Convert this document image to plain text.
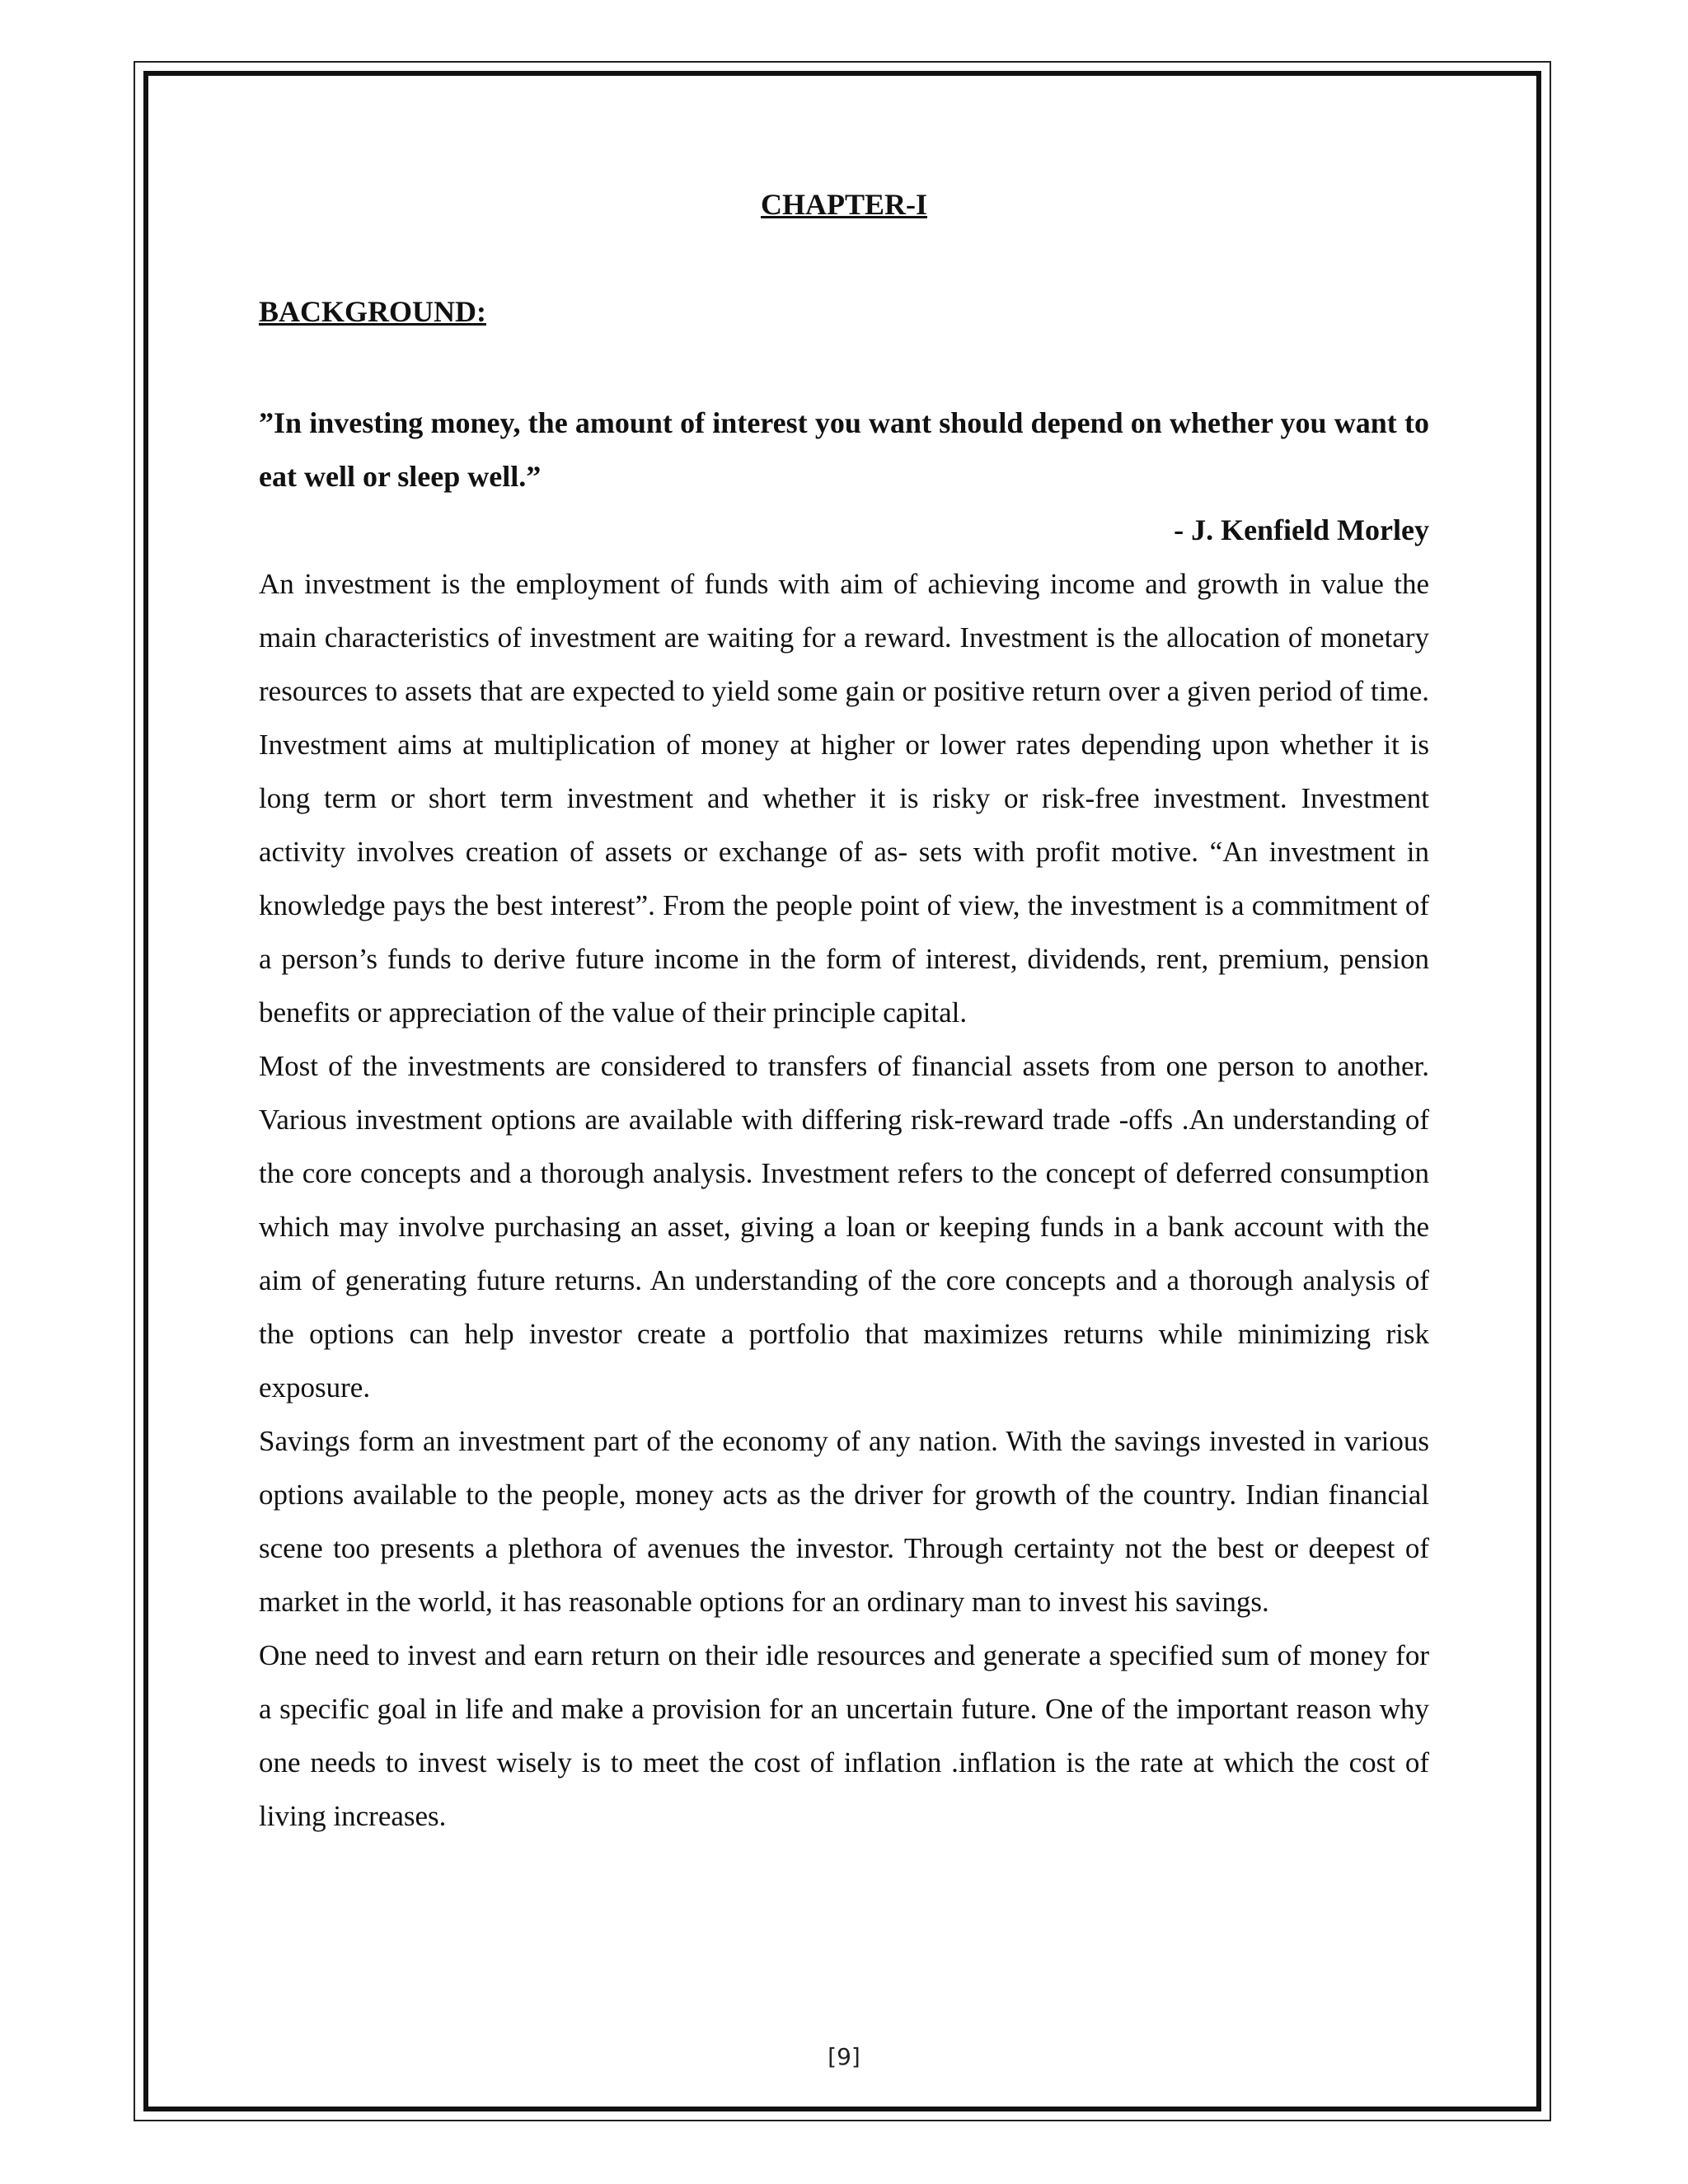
CHAPTER-I
BACKGROUND:

”In investing money, the amount of interest you want should depend on whether you want to eat well or sleep well.”

- J. Kenfield Morley

An investment is the employment of funds with aim of achieving income and growth in value the main characteristics of investment are waiting for a reward. Investment is the allocation of monetary resources to assets that are expected to yield some gain or positive return over a given period of time. Investment aims at multiplication of money at higher or lower rates depending upon whether it is long term or short term investment and whether it is risky or risk-free investment. Investment activity involves creation of assets or exchange of as- sets with profit motive. “An investment in knowledge pays the best interest”. From the people point of view, the investment is a commitment of a person’s funds to derive future income in the form of interest, dividends, rent, premium, pension benefits or appreciation of the value of their principle capital.

Most of the investments are considered to transfers of financial assets from one person to another. Various investment options are available with differing risk-reward trade -offs .An understanding of the core concepts and a thorough analysis. Investment refers to the concept of deferred consumption which may involve purchasing an asset, giving a loan or keeping funds in a bank account with the aim of generating future returns. An understanding of the core concepts and a thorough analysis of the options can help investor create a portfolio that maximizes returns while minimizing risk exposure.

Savings form an investment part of the economy of any nation. With the savings invested in various options available to the people, money acts as the driver for growth of the country. Indian financial scene too presents a plethora of avenues the investor. Through certainty not the best or deepest of market in the world, it has reasonable options for an ordinary man to invest his savings.

One need to invest and earn return on their idle resources and generate a specified sum of money for a specific goal in life and make a provision for an uncertain future. One of the important reason why one needs to invest wisely is to meet the cost of inflation .inflation is the rate at which the cost of living increases.

[9]
